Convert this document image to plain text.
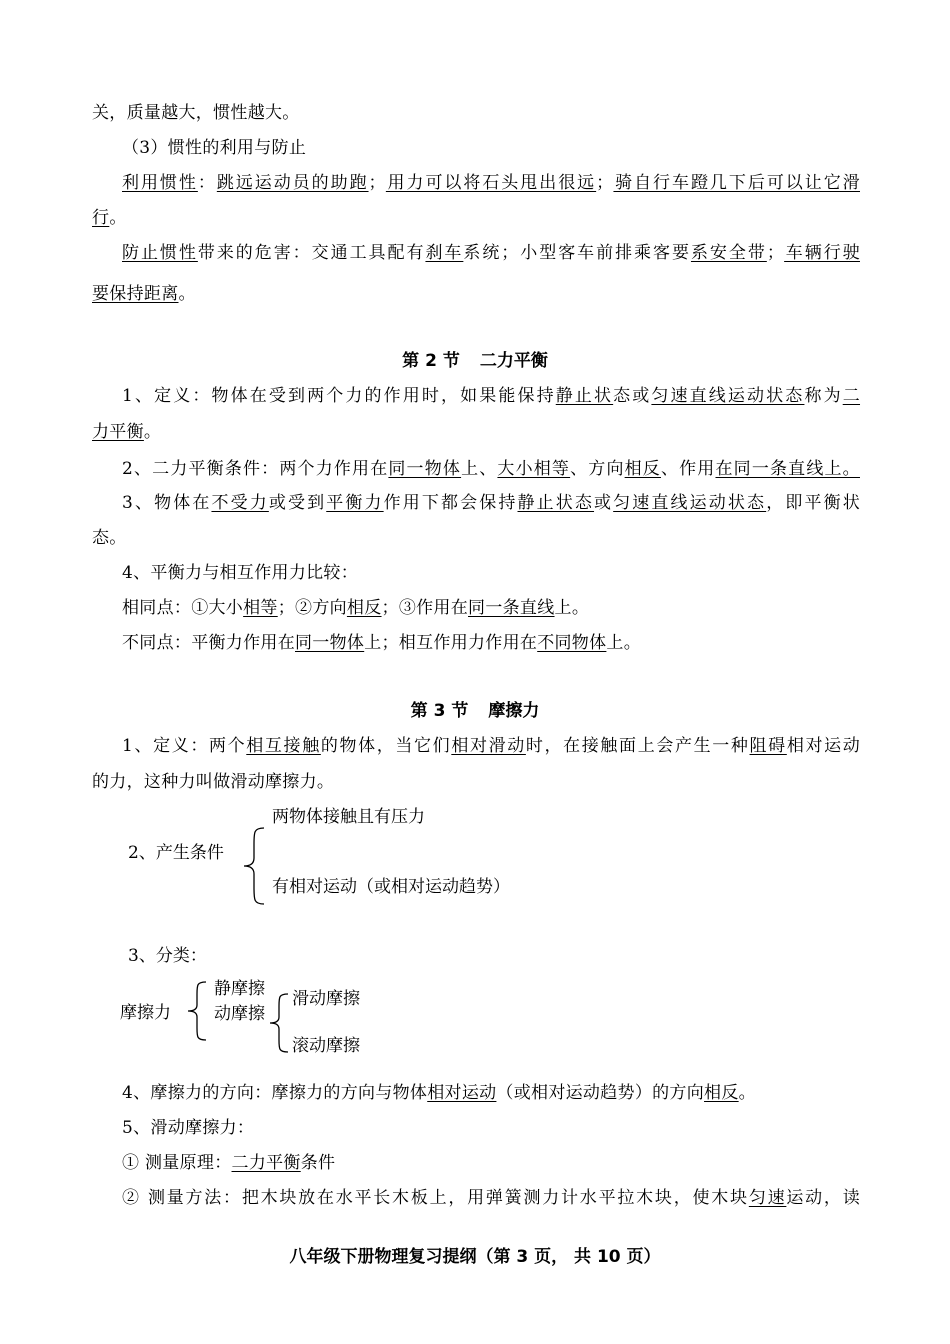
关，质量越大，惯性越大。
（3）惯性的利用与防止
利用惯性：跳远运动员的助跑；用力可以将石头甩出很远；骑自行车蹬几下后可以让它滑
行。
防止惯性带来的危害：交通工具配有刹车系统；小型客车前排乘客要系安全带；车辆行驶
要保持距离。
第 2 节 二力平衡
1、定义：物体在受到两个力的作用时，如果能保持静止状态或匀速直线运动状态称为二
力平衡。
2、二力平衡条件：两个力作用在同一物体上、大小相等、方向相反、作用在同一条直线上。
3、物体在不受力或受到平衡力作用下都会保持静止状态或匀速直线运动状态，即平衡状
态。
4、平衡力与相互作用力比较：
相同点：①大小相等；②方向相反；③作用在同一条直线上。
不同点：平衡力作用在同一物体上；相互作用力作用在不同物体上。
第 3 节 摩擦力
1、定义：两个相互接触的物体，当它们相对滑动时，在接触面上会产生一种阻碍相对运动
的力，这种力叫做滑动摩擦力。
两物体接触且有压力
2、产生条件
有相对运动（或相对运动趋势）
3、分类：
摩擦力
静摩擦
动摩擦
滑动摩擦
滚动摩擦
4、摩擦力的方向：摩擦力的方向与物体相对运动（或相对运动趋势）的方向相反。
5、滑动摩擦力：
① 测量原理：二力平衡条件
② 测量方法：把木块放在水平长木板上，用弹簧测力计水平拉木块，使木块匀速运动，读
八年级下册物理复习提纲（第 3 页， 共 10 页）
